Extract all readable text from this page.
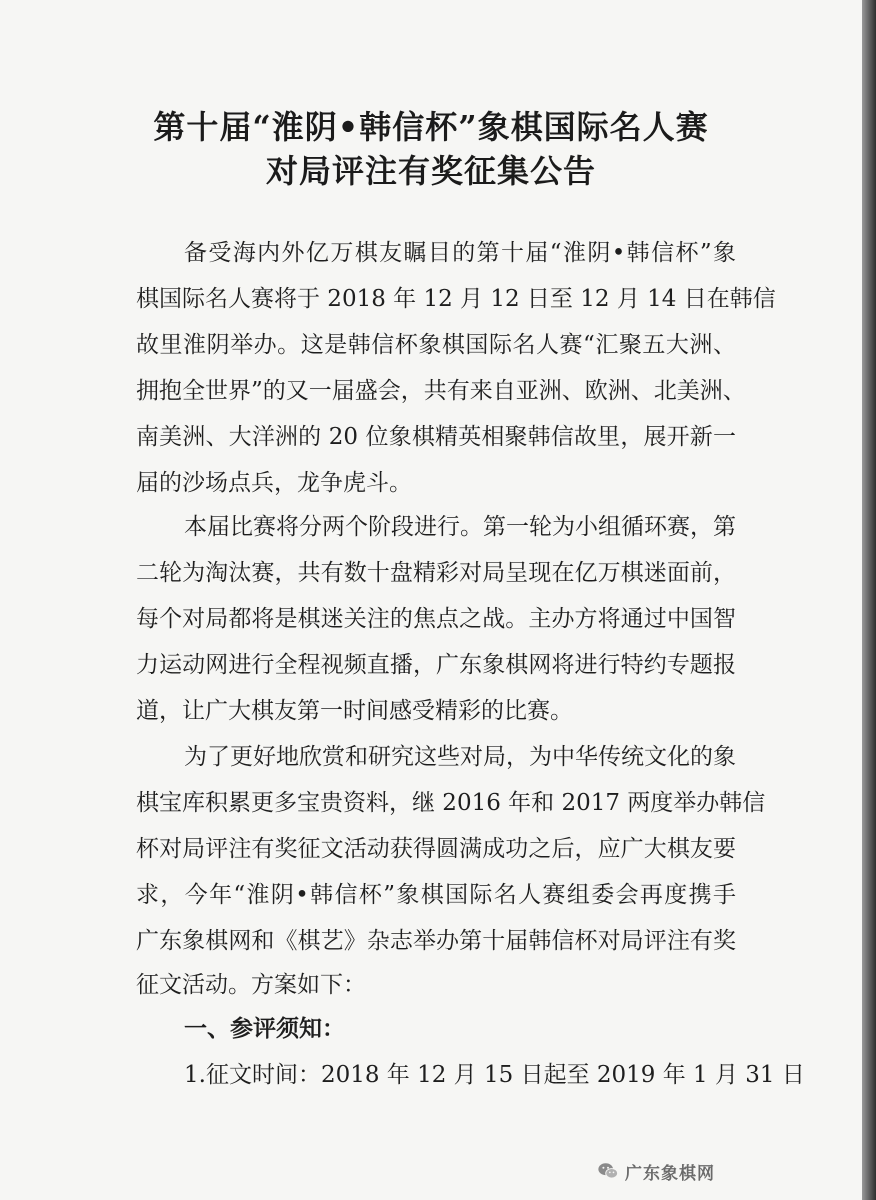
第十届“淮阴•韩信杯”象棋国际名人赛
对局评注有奖征集公告
备受海内外亿万棋友瞩目的第十届“淮阴•韩信杯”象
棋国际名人赛将于 2018 年 12 月 12 日至 12 月 14 日在韩信
故里淮阴举办。这是韩信杯象棋国际名人赛“汇聚五大洲、
拥抱全世界”的又一届盛会，共有来自亚洲、欧洲、北美洲、
南美洲、大洋洲的 20 位象棋精英相聚韩信故里，展开新一
届的沙场点兵，龙争虎斗。
本届比赛将分两个阶段进行。第一轮为小组循环赛，第
二轮为淘汰赛，共有数十盘精彩对局呈现在亿万棋迷面前，
每个对局都将是棋迷关注的焦点之战。主办方将通过中国智
力运动网进行全程视频直播，广东象棋网将进行特约专题报
道，让广大棋友第一时间感受精彩的比赛。
为了更好地欣赏和研究这些对局，为中华传统文化的象
棋宝库积累更多宝贵资料，继 2016 年和 2017 两度举办韩信
杯对局评注有奖征文活动获得圆满成功之后，应广大棋友要
求，今年“淮阴•韩信杯”象棋国际名人赛组委会再度携手
广东象棋网和《棋艺》杂志举办第十届韩信杯对局评注有奖
征文活动。方案如下：
一、参评须知：
1.征文时间：2018 年 12 月 15 日起至 2019 年 1 月 31 日
广东象棋网
